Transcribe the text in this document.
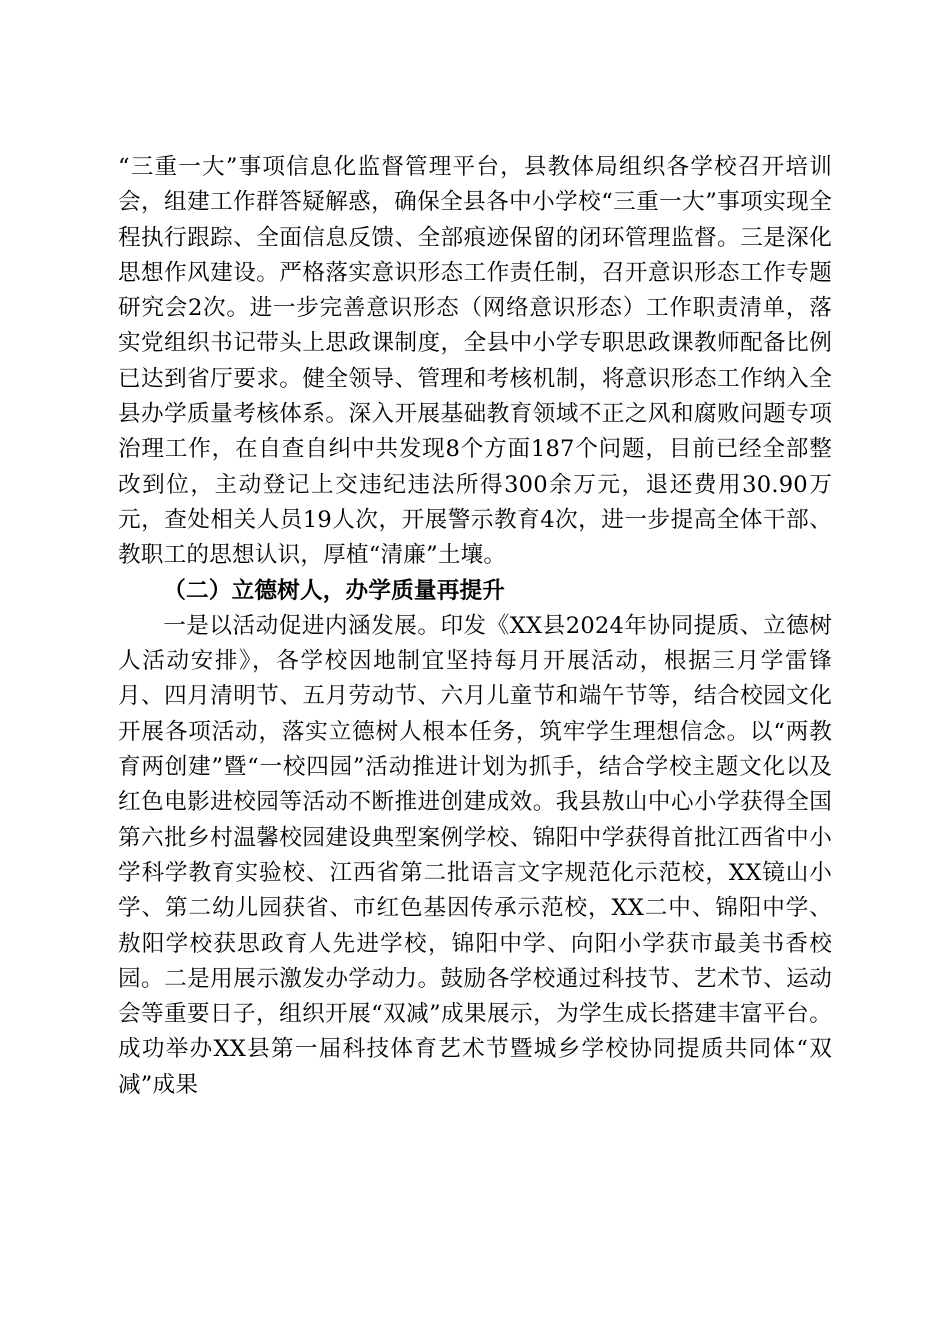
“三重一大”事项信息化监督管理平台，县教体局组织各学校召开培训会，组建工作群答疑解惑，确保全县各中小学校“三重一大”事项实现全程执行跟踪、全面信息反馈、全部痕迹保留的闭环管理监督。三是深化思想作风建设。严格落实意识形态工作责任制，召开意识形态工作专题研究会2次。进一步完善意识形态（网络意识形态）工作职责清单，落实党组织书记带头上思政课制度，全县中小学专职思政课教师配备比例已达到省厅要求。健全领导、管理和考核机制，将意识形态工作纳入全县办学质量考核体系。深入开展基础教育领域不正之风和腐败问题专项治理工作，在自查自纠中共发现8个方面187个问题，目前已经全部整改到位，主动登记上交违纪违法所得300余万元，退还费用30.90万元，查处相关人员19人次，开展警示教育4次，进一步提高全体干部、教职工的思想认识，厚植“清廉”土壤。

（二）立德树人，办学质量再提升

一是以活动促进内涵发展。印发《XX县2024年协同提质、立德树人活动安排》，各学校因地制宜坚持每月开展活动，根据三月学雷锋月、四月清明节、五月劳动节、六月儿童节和端午节等，结合校园文化开展各项活动，落实立德树人根本任务，筑牢学生理想信念。以“两教育两创建”暨“一校四园”活动推进计划为抓手，结合学校主题文化以及红色电影进校园等活动不断推进创建成效。我县敖山中心小学获得全国第六批乡村温馨校园建设典型案例学校、锦阳中学获得首批江西省中小学科学教育实验校、江西省第二批语言文字规范化示范校，XX镜山小学、第二幼儿园获省、市红色基因传承示范校，XX二中、锦阳中学、敖阳学校获思政育人先进学校，锦阳中学、向阳小学获市最美书香校园。二是用展示激发办学动力。鼓励各学校通过科技节、艺术节、运动会等重要日子，组织开展“双减”成果展示，为学生成长搭建丰富平台。成功举办XX县第一届科技体育艺术节暨城乡学校协同提质共同体“双减”成果
